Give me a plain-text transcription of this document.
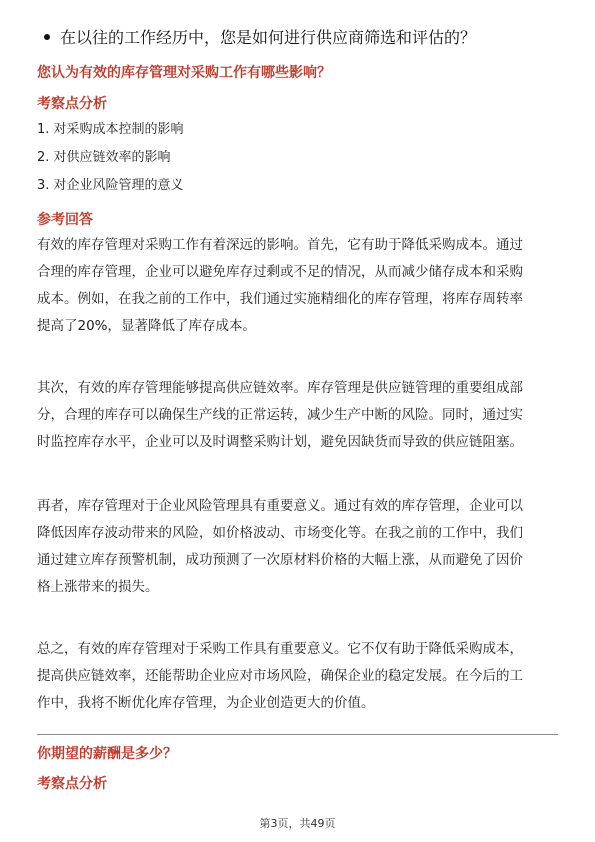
在以往的工作经历中，您是如何进行供应商筛选和评估的？
您认为有效的库存管理对采购工作有哪些影响？
考察点分析
1. 对采购成本控制的影响
2. 对供应链效率的影响
3. 对企业风险管理的意义
参考回答
有效的库存管理对采购工作有着深远的影响。首先，它有助于降低采购成本。通过
合理的库存管理，企业可以避免库存过剩或不足的情况，从而减少储存成本和采购
成本。例如，在我之前的工作中，我们通过实施精细化的库存管理，将库存周转率
提高了20%，显著降低了库存成本。
其次，有效的库存管理能够提高供应链效率。库存管理是供应链管理的重要组成部
分，合理的库存可以确保生产线的正常运转，减少生产中断的风险。同时，通过实
时监控库存水平，企业可以及时调整采购计划，避免因缺货而导致的供应链阻塞。
再者，库存管理对于企业风险管理具有重要意义。通过有效的库存管理，企业可以
降低因库存波动带来的风险，如价格波动、市场变化等。在我之前的工作中，我们
通过建立库存预警机制，成功预测了一次原材料价格的大幅上涨，从而避免了因价
格上涨带来的损失。
总之，有效的库存管理对于采购工作具有重要意义。它不仅有助于降低采购成本，
提高供应链效率，还能帮助企业应对市场风险，确保企业的稳定发展。在今后的工
作中，我将不断优化库存管理，为企业创造更大的价值。
你期望的薪酬是多少？
考察点分析
第3页，共49页
